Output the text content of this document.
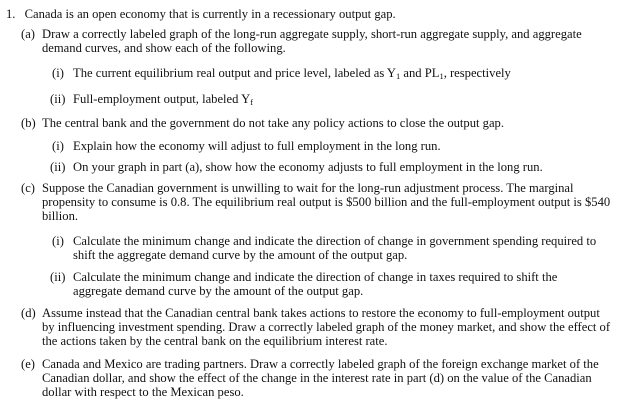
1. Canada is an open economy that is currently in a recessionary output gap.
(a) Draw a correctly labeled graph of the long-run aggregate supply, short-run aggregate supply, and aggregate demand curves, and show each of the following.
(i) The current equilibrium real output and price level, labeled as $Y_1$ and $PL_1$, respectively
(ii) Full-employment output, labeled $Y_f$
(b) The central bank and the government do not take any policy actions to close the output gap.
(i) Explain how the economy will adjust to full employment in the long run.
(ii) On your graph in part (a), show how the economy adjusts to full employment in the long run.
(c) Suppose the Canadian government is unwilling to wait for the long-run adjustment process. The marginal propensity to consume is 0.8. The equilibrium real output is $500 billion and the full-employment output is $540 billion.
(i) Calculate the minimum change and indicate the direction of change in government spending required to shift the aggregate demand curve by the amount of the output gap.
(ii) Calculate the minimum change and indicate the direction of change in taxes required to shift the aggregate demand curve by the amount of the output gap.
(d) Assume instead that the Canadian central bank takes actions to restore the economy to full-employment output by influencing investment spending. Draw a correctly labeled graph of the money market, and show the effect of the actions taken by the central bank on the equilibrium interest rate.
(e) Canada and Mexico are trading partners. Draw a correctly labeled graph of the foreign exchange market of the Canadian dollar, and show the effect of the change in the interest rate in part (d) on the value of the Canadian dollar with respect to the Mexican peso.
